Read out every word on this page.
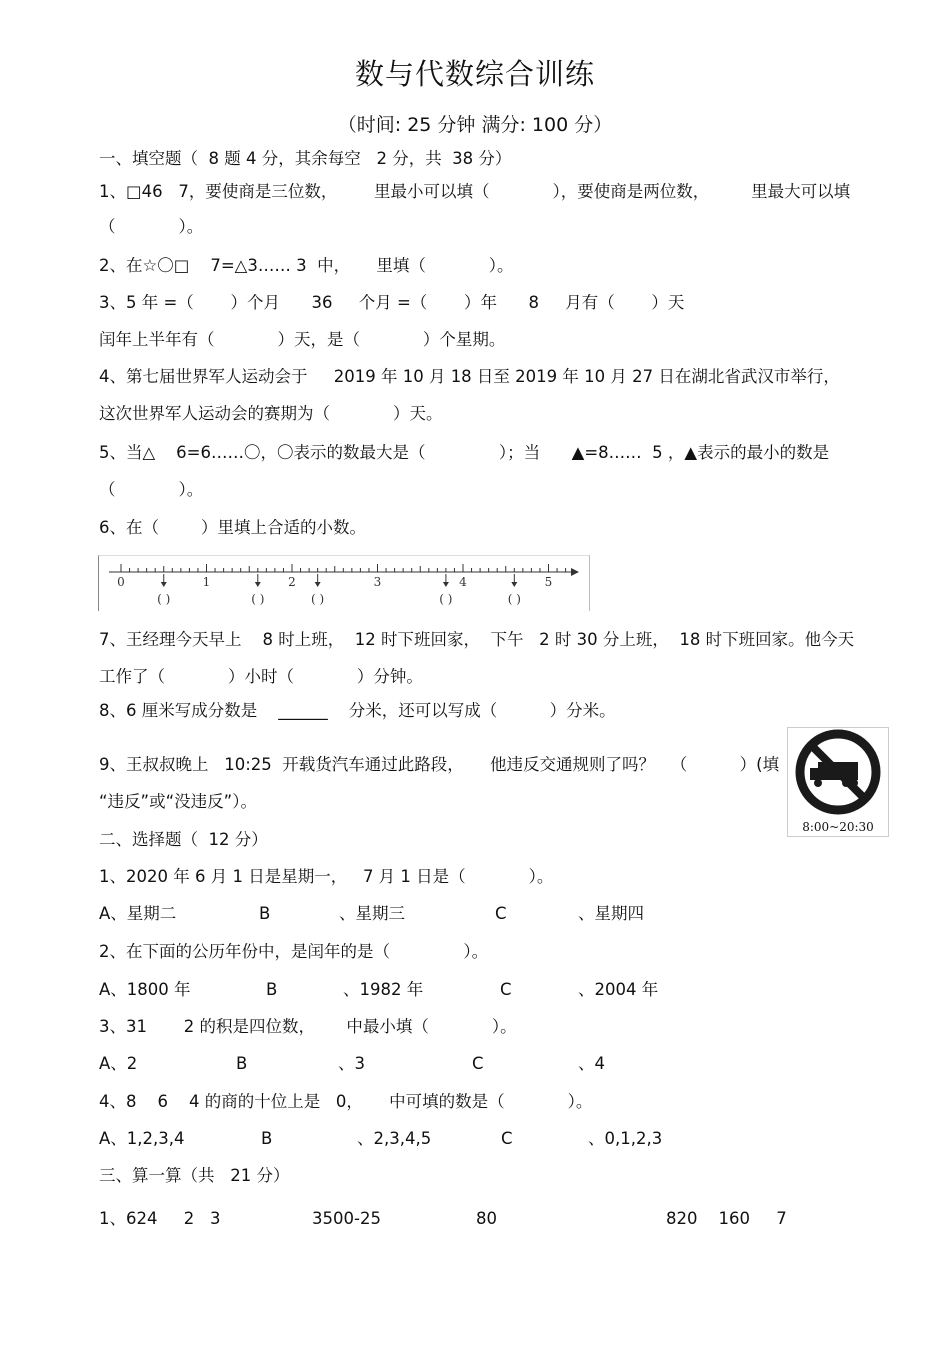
数与代数综合训练
（时间: 25 分钟 满分: 100 分）
一、填空题（  8 题 4 分，其余每空   2 分，共  38 分）
1、□46   7，要使商是三位数，       里最小可以填（            ），要使商是两位数，        里最大可以填
（            ）。
2、在☆〇□    7=△3…… 3  中，     里填（            ）。
3、5 年 =（       ）个月      36     个月 =（       ）年      8     月有（       ）天
闰年上半年有（            ）天，是（            ）个星期。
4、第七届世界军人运动会于     2019 年 10 月 18 日至 2019 年 10 月 27 日在湖北省武汉市举行，
这次世界军人运动会的赛期为（            ）天。
5、当△    6=6……〇，〇表示的数最大是（              ）；当      ▲=8……  5 ，▲表示的最小的数是
（            ）。
6、在（        ）里填上合适的小数。
0	1	2	3	4	5
( )	( )	( )	( )	( )
7、王经理今天早上    8 时上班，  12 时下班回家，  下午   2 时 30 分上班，  18 时下班回家。他今天
工作了（            ）小时（            ）分钟。
8、6 厘米写成分数是    ______    分米，还可以写成（          ）分米。
9、王叔叔晚上   10:25  开载货汽车通过此路段，     他违反交通规则了吗？   （          ）(填
“违反”或“没违反”）。
8:00~20:30
二、选择题（  12 分）
1、2020 年 6 月 1 日是星期一，   7 月 1 日是（            ）。
A、星期二	B	、星期三	C	、星期四
2、在下面的公历年份中，是闰年的是（              ）。
A、1800 年	B	、1982 年	C	、2004 年
3、31       2 的积是四位数，      中最小填（            ）。
A、2	B	、3	C	、4
4、8    6    4 的商的十位上是   0，     中可填的数是（            ）。
A、1,2,3,4	B	、2,3,4,5	C	、0,1,2,3
三、算一算（共   21 分）
1、624     2   3	3500-25	80	820    160     7
